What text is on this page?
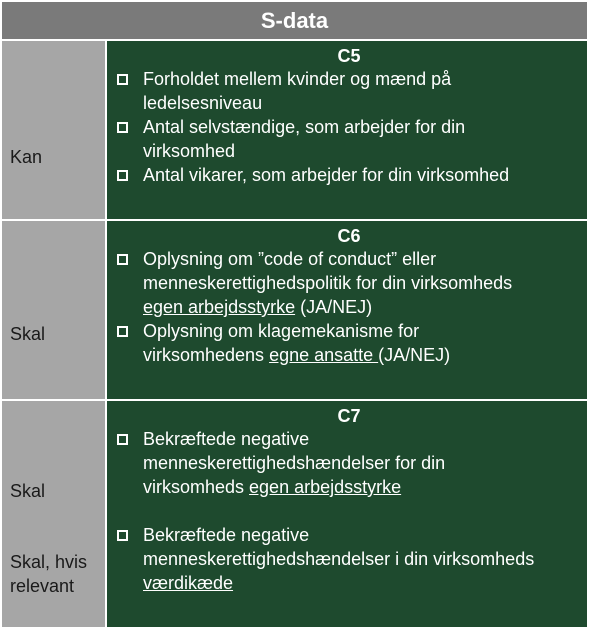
S-data
Kan
C5
Forholdet mellem kvinder og mænd på
ledelsesniveau
Antal selvstændige, som arbejder for din
virksomhed
Antal vikarer, som arbejder for din virksomhed
Skal
C6
Oplysning om ”code of conduct” eller
menneskerettighedspolitik for din virksomheds
egen arbejdsstyrke (JA/NEJ)
Oplysning om klagemekanisme for
virksomhedens egne ansatte (JA/NEJ)
Skal
Skal, hvis
relevant
C7
Bekræftede negative
menneskerettighedshændelser for din
virksomheds egen arbejdsstyrke
Bekræftede negative
menneskerettighedshændelser i din virksomheds
værdikæde
